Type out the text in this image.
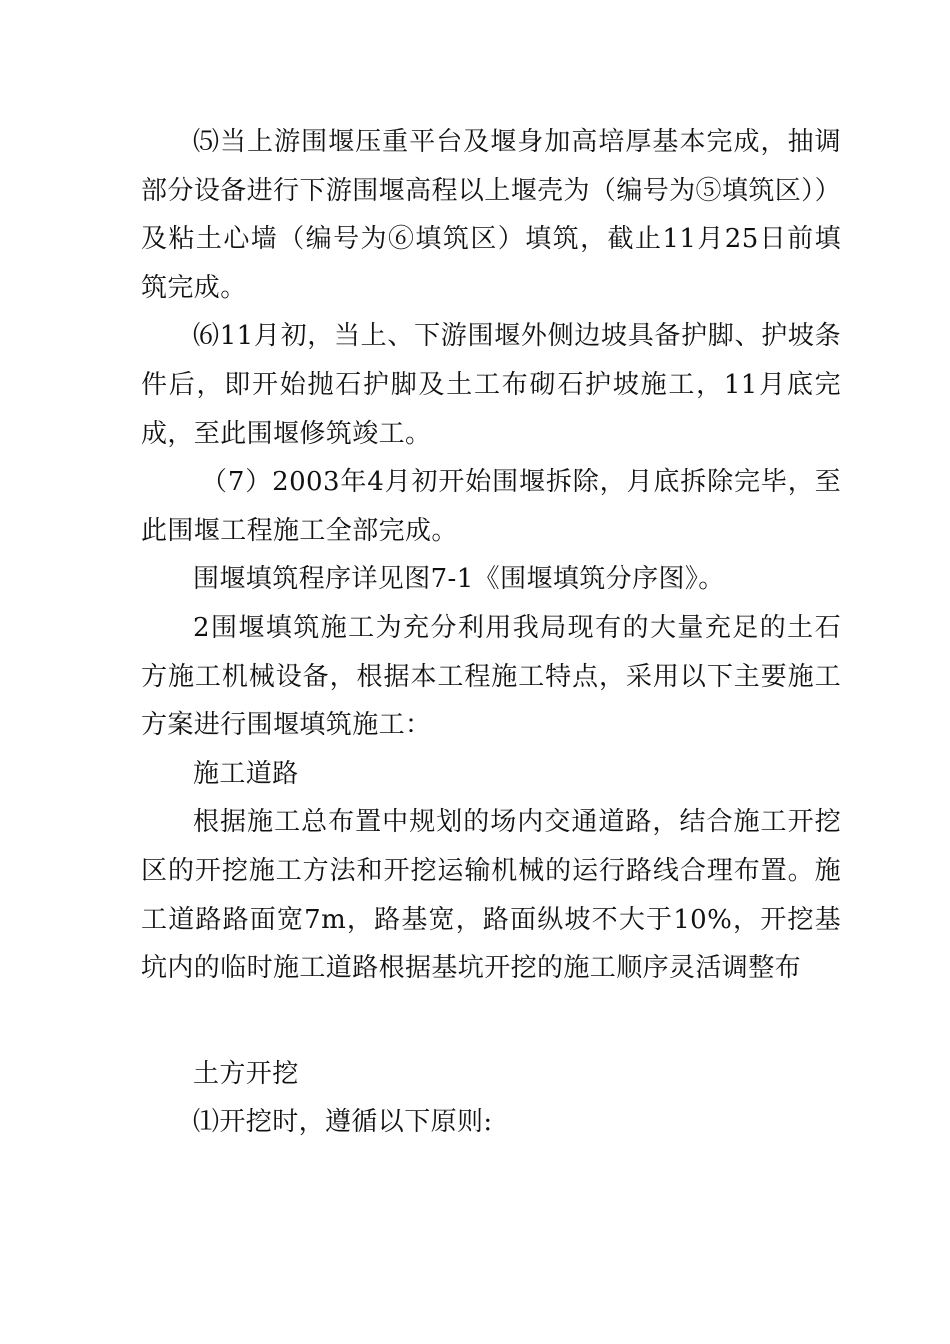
⑸当上游围堰压重平台及堰身加高培厚基本完成，抽调部分设备进行下游围堰高程以上堰壳为（编号为⑤填筑区））及粘土心墙（编号为⑥填筑区）填筑，截止11月25日前填筑完成。

⑹11月初，当上、下游围堰外侧边坡具备护脚、护坡条件后，即开始抛石护脚及土工布砌石护坡施工，11月底完成，至此围堰修筑竣工。

（7）2003年4月初开始围堰拆除，月底拆除完毕，至此围堰工程施工全部完成。

围堰填筑程序详见图7-1《围堰填筑分序图》。

2围堰填筑施工为充分利用我局现有的大量充足的土石方施工机械设备，根据本工程施工特点，采用以下主要施工方案进行围堰填筑施工：

施工道路

根据施工总布置中规划的场内交通道路，结合施工开挖区的开挖施工方法和开挖运输机械的运行路线合理布置。施工道路路面宽7m，路基宽，路面纵坡不大于10%，开挖基坑内的临时施工道路根据基坑开挖的施工顺序灵活调整布

土方开挖

⑴开挖时，遵循以下原则:
